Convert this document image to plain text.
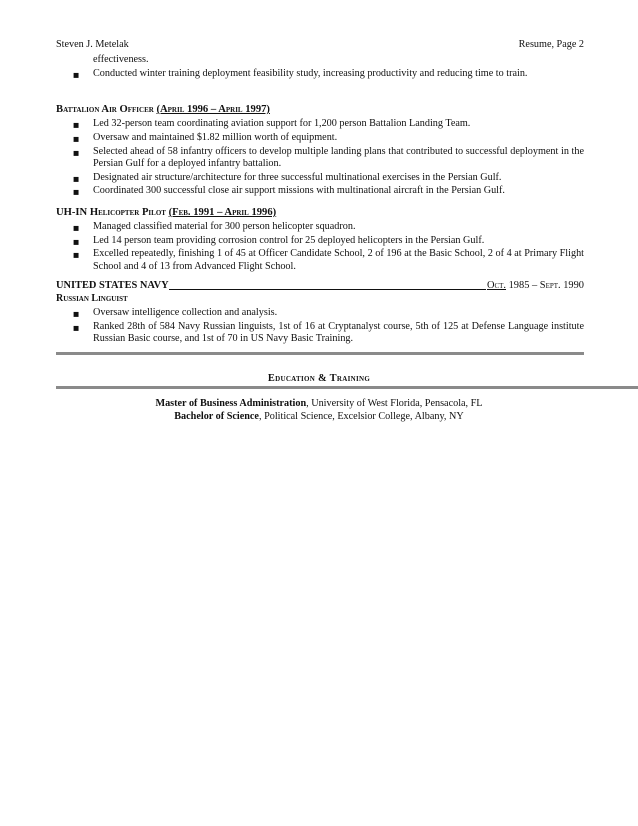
Steven J. Metelak	Resume, Page 2
effectiveness.
■ Conducted winter training deployment feasibility study, increasing productivity and reducing time to train.
Battalion Air Officer (April 1996 – April 1997)
■ Led 32-person team coordinating aviation support for 1,200 person Battalion Landing Team.
■ Oversaw and maintained $1.82 million worth of equipment.
■ Selected ahead of 58 infantry officers to develop multiple landing plans that contributed to successful deployment in the Persian Gulf for a deployed infantry battalion.
■ Designated air structure/architecture for three successful multinational exercises in the Persian Gulf.
■ Coordinated 300 successful close air support missions with multinational aircraft in the Persian Gulf.
UH-IN Helicopter Pilot (Feb. 1991 – April 1996)
■ Managed classified material for 300 person helicopter squadron.
■ Led 14 person team providing corrosion control for 25 deployed helicopters in the Persian Gulf.
■ Excelled repeatedly, finishing 1 of 45 at Officer Candidate School, 2 of 196 at the Basic School, 2 of 4 at Primary Flight School and 4 of 13 from Advanced Flight School.
UNITED STATES NAVY	Oct. 1985 – Sept. 1990
Russian Linguist
■ Oversaw intelligence collection and analysis.
■ Ranked 28th of 584 Navy Russian linguists, 1st of 16 at Cryptanalyst course, 5th of 125 at Defense Language institute Russian Basic course, and 1st of 70 in US Navy Basic Training.
Education & Training
Master of Business Administration, University of West Florida, Pensacola, FL
Bachelor of Science, Political Science, Excelsior College, Albany, NY
